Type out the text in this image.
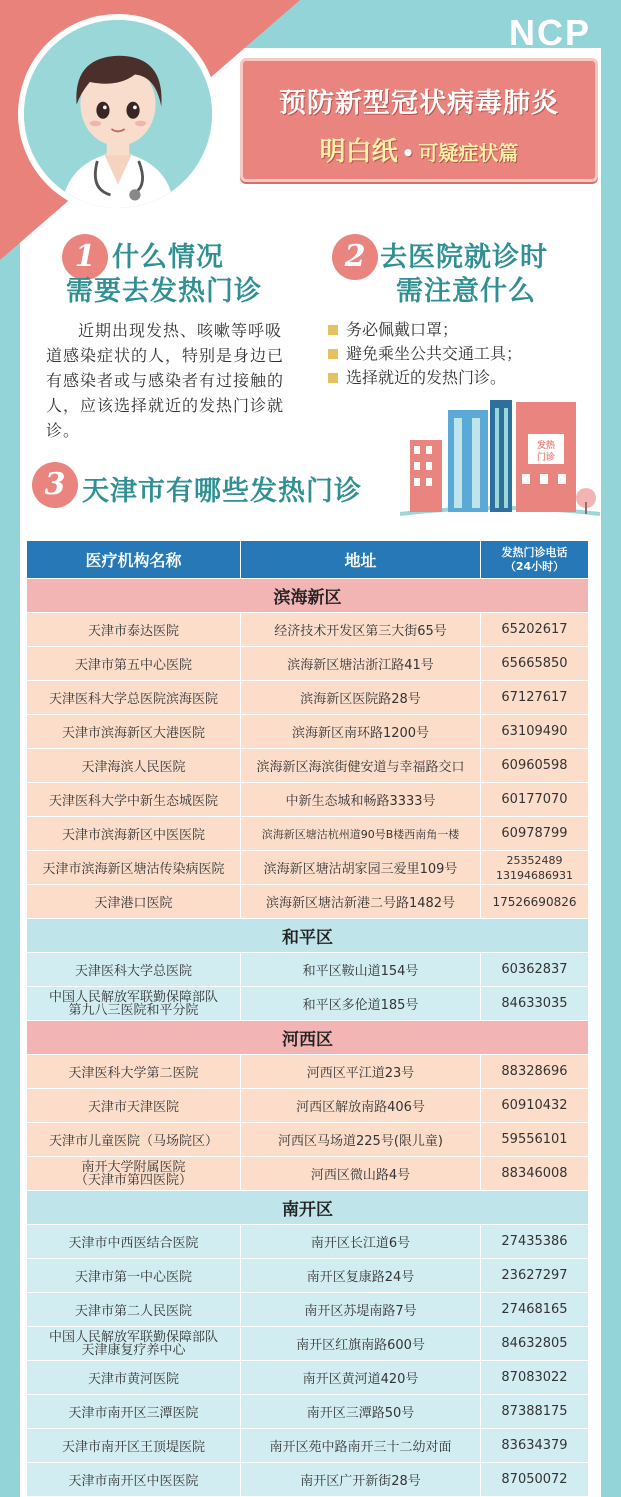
NCP
预防新型冠状病毒肺炎
明白纸 • 可疑症状篇
1 什么情况
需要去发热门诊
近期出现发热、咳嗽等呼吸道感染症状的人，特别是身边已有感染者或与感染者有过接触的人，应该选择就近的发热门诊就诊。
2 去医院就诊时
需注意什么
务必佩戴口罩；
避免乘坐公共交通工具；
选择就近的发热门诊。
发热
门诊
3 天津市有哪些发热门诊
医疗机构名称	地址	发热门诊电话
（24小时）
滨海新区		
天津市泰达医院	经济技术开发区第三大街65号	65202617
天津市第五中心医院	滨海新区塘沽浙江路41号	65665850
天津医科大学总医院滨海医院	滨海新区医院路28号	67127617
天津市滨海新区大港医院	滨海新区南环路1200号	63109490
天津海滨人民医院	滨海新区海滨街健安道与幸福路交口	60960598
天津医科大学中新生态城医院	中新生态城和畅路3333号	60177070
天津市滨海新区中医医院	滨海新区塘沽杭州道90号B楼西南角一楼	60978799
天津市滨海新区塘沽传染病医院	滨海新区塘沽胡家园三爱里109号	25352489
13194686931
天津港口医院	滨海新区塘沽新港二号路1482号	17526690826
和平区		
天津医科大学总医院	和平区鞍山道154号	60362837
中国人民解放军联勤保障部队
第九八三医院和平分院	和平区多伦道185号	84633035
河西区		
天津医科大学第二医院	河西区平江道23号	88328696
天津市天津医院	河西区解放南路406号	60910432
天津市儿童医院（马场院区）	河西区马场道225号(限儿童)	59556101
南开大学附属医院
（天津市第四医院）	河西区微山路4号	88346008
南开区		
天津市中西医结合医院	南开区长江道6号	27435386
天津市第一中心医院	南开区复康路24号	23627297
天津市第二人民医院	南开区苏堤南路7号	27468165
中国人民解放军联勤保障部队
天津康复疗养中心	南开区红旗南路600号	84632805
天津市黄河医院	南开区黄河道420号	87083022
天津市南开区三潭医院	南开区三潭路50号	87388175
天津市南开区王顶堤医院	南开区苑中路南开三十二幼对面	83634379
天津市南开区中医医院	南开区广开新街28号	87050072
